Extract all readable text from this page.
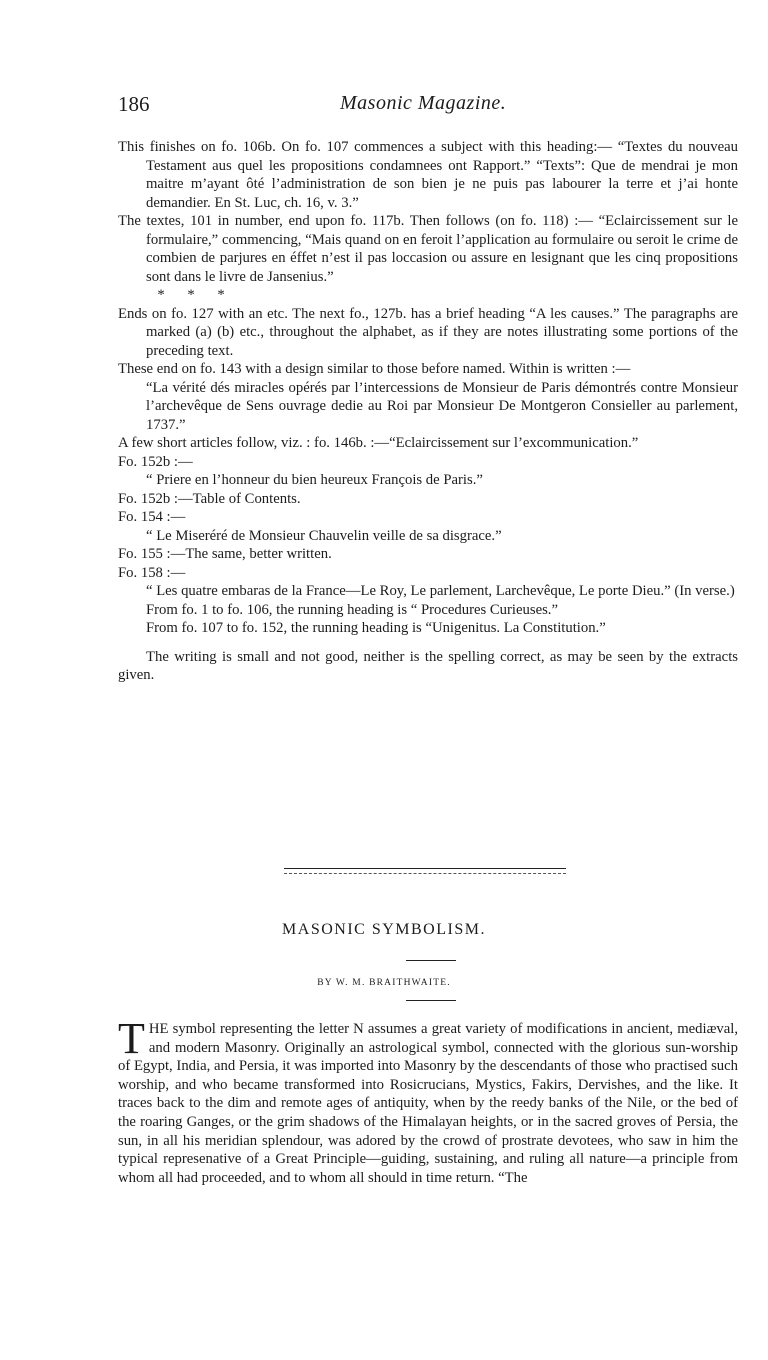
186	Masonic Magazine.

This finishes on fo. 106b. On fo. 107 commences a subject with this heading:— “Textes du nouveau Testament aus quel les propositions condamnees ont Rapport.” “Texts”: Que de mendrai je mon maitre m’ayant ôté l’administration de son bien je ne puis pas labourer la terre et j’ai honte demandier. En St. Luc, ch. 16, v. 3.”

The textes, 101 in number, end upon fo. 117b. Then follows (on fo. 118) :— “Eclaircissement sur le formulaire,” commencing, “Mais quand on en feroit l’application au formulaire ou seroit le crime de combien de parjures en éffet n’est il pas loccasion ou assure en lesignant que les cinq propositions sont dans le livre de Jansenius.”

* * *

Ends on fo. 127 with an etc. The next fo., 127b. has a brief heading “A les causes.” The paragraphs are marked (a) (b) etc., throughout the alphabet, as if they are notes illustrating some portions of the preceding text.

These end on fo. 143 with a design similar to those before named. Within is written :—

“La vérité dés miracles opérés par l’intercessions de Monsieur de Paris démontrés contre Monsieur l’archevêque de Sens ouvrage dedie au Roi par Monsieur De Montgeron Consieller au parlement, 1737.”

A few short articles follow, viz. : fo. 146b. :—“Eclaircissement sur l’excommunication.”

Fo. 152b :—

“ Priere en l’honneur du bien heureux François de Paris.”

Fo. 152b :—Table of Contents.

Fo. 154 :—

“ Le Miseréré de Monsieur Chauvelin veille de sa disgrace.”

Fo. 155 :—The same, better written.

Fo. 158 :—

“ Les quatre embaras de la France—Le Roy, Le parlement, Larchevêque, Le porte Dieu.” (In verse.)

From fo. 1 to fo. 106, the running heading is “ Procedures Curieuses.”

From fo. 107 to fo. 152, the running heading is “Unigenitus. La Constitution.”

The writing is small and not good, neither is the spelling correct, as may be seen by the extracts given.

MASONIC SYMBOLISM.
BY W. M. BRAITHWAITE.
T HE symbol representing the letter N assumes a great variety of modifications in ancient, mediæval, and modern Masonry. Originally an astrological symbol, connected with the glorious sun-worship of Egypt, India, and Persia, it was imported into Masonry by the descendants of those who practised such worship, and who became transformed into Rosicrucians, Mystics, Fakirs, Dervishes, and the like. It traces back to the dim and remote ages of antiquity, when by the reedy banks of the Nile, or the bed of the roaring Ganges, or the grim shadows of the Himalayan heights, or in the sacred groves of Persia, the sun, in all his meridian splendour, was adored by the crowd of prostrate devotees, who saw in him the typical represenative of a Great Principle—guiding, sustaining, and ruling all nature—a principle from whom all had proceeded, and to whom all should in time return. “The
